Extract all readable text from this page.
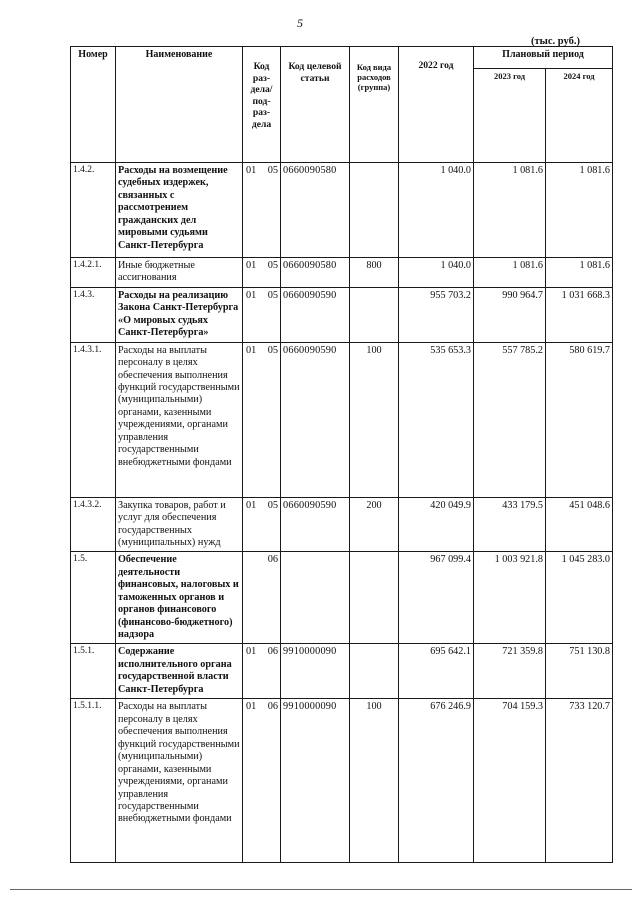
5
(тыс. руб.)
Номер	Наименование	Код раз- дела/ под- раз- дела	Код целевой статьи	Код вида расходов (группа)	2022 год	Плановый период	
						2023 год	2024 год
1.4.2.	Расходы на возмещение судебных издержек, связанных с рассмотрением гражданских дел мировыми судьями Санкт-Петербурга	01 05	0660090580		1 040.0	1 081.6	1 081.6
1.4.2.1.	Иные бюджетные ассигнования	01 05	0660090580	800	1 040.0	1 081.6	1 081.6
1.4.3.	Расходы на реализацию Закона Санкт-Петербурга «О мировых судьях Санкт-Петербурга»	01 05	0660090590		955 703.2	990 964.7	1 031 668.3
1.4.3.1.	Расходы на выплаты персоналу в целях обеспечения выполнения функций государственными (муниципальными) органами, казенными учреждениями, органами управления государственными внебюджетными фондами	01 05	0660090590	100	535 653.3	557 785.2	580 619.7
1.4.3.2.	Закупка товаров, работ и услуг для обеспечения государственных (муниципальных) нужд	01 05	0660090590	200	420 049.9	433 179.5	451 048.6
1.5.	Обеспечение деятельности финансовых, налоговых и таможенных органов и органов финансового (финансово-бюджетного) надзора	06			967 099.4	1 003 921.8	1 045 283.0
1.5.1.	Содержание исполнительного органа государственной власти Санкт-Петербурга	01 06	9910000090		695 642.1	721 359.8	751 130.8
1.5.1.1.	Расходы на выплаты персоналу в целях обеспечения выполнения функций государственными (муниципальными) органами, казенными учреждениями, органами управления государственными внебюджетными фондами	01 06	9910000090	100	676 246.9	704 159.3	733 120.7
